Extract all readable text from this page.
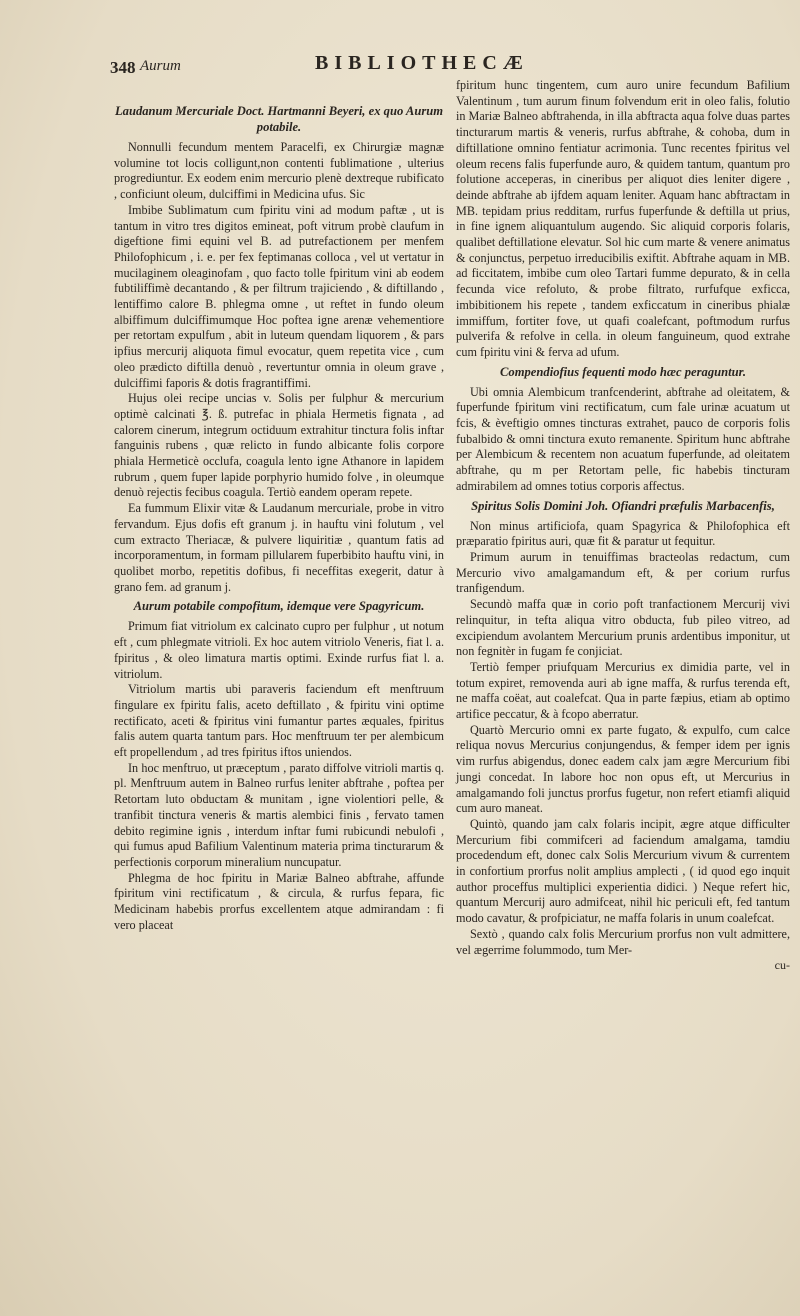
348 Aurum	BIBLIOTHECÆ
Laudanum Mercuriale Doct. Hartmanni Beyeri, ex quo Aurum potabile.

Nonnulli fecundum mentem Paracelfi, ex Chirurgiæ magnæ volumine tot locis colligunt,non contenti fublimatione , ulterius progrediuntur. Ex eodem enim mercurio plenè dextreque rubificato , conficiunt oleum, dulciffimi in Medicina ufus. Sic

Imbibe Sublimatum cum fpiritu vini ad modum paftæ , ut is tantum in vitro tres digitos emineat, poft vitrum probè claufum in digeftione fimi equini vel B. ad putrefactionem per menfem Philofophicum , i. e. per fex feptimanas colloca , vel ut vertatur in mucilaginem oleaginofam , quo facto tolle fpiritum vini ab eodem fubtiliffimè decantando , & per filtrum trajiciendo , & diftillando , lentiffimo calore B. phlegma omne , ut reftet in fundo oleum albiffimum dulciffimumque Hoc poftea igne arenæ vehementiore per retortam expulfum , abit in luteum quendam liquorem , & pars ipfius mercurij aliquota fimul evocatur, quem repetita vice , cum oleo prædicto diftilla denuò , revertuntur omnia in oleum grave , dulciffimi faporis & dotis fragrantiffimi.

Hujus olei recipe uncias v. Solis per fulphur & mercurium optimè calcinati ℥. ß. putrefac in phiala Hermetis fignata , ad calorem cinerum, integrum octiduum extrahitur tinctura folis inftar fanguinis rubens , quæ relicto in fundo albicante folis corpore phiala Hermeticè occlufa, coagula lento igne Athanore in lapidem rubrum , quem fuper lapide porphyrio humido folve , in oleumque denuò rejectis fecibus coagula. Tertiò eandem operam repete.

Ea fummum Elixir vitæ & Laudanum mercuriale, probe in vitro fervandum. Ejus dofis eft granum j. in hauftu vini folutum , vel cum extracto Theriacæ, & pulvere liquiritiæ , quantum fatis ad incorporamentum, in formam pillularem fuperbibito hauftu vini, in quolibet morbo, repetitis dofibus, fi neceffitas exegerit, datur à grano fem. ad granum j.

Aurum potabile compofitum, idemque vere Spagyricum.

Primum fiat vitriolum ex calcinato cupro per fulphur , ut notum eft , cum phlegmate vitrioli. Ex hoc autem vitriolo Veneris, fiat l. a. fpiritus , & oleo limatura martis optimi. Exinde rurfus fiat l. a. vitriolum.

Vitriolum martis ubi paraveris faciendum eft menftruum fingulare ex fpiritu falis, aceto deftillato , & fpiritu vini optime rectificato, aceti & fpiritus vini fumantur partes æquales, fpiritus falis autem quarta tantum pars. Hoc menftruum ter per alembicum eft propellendum , ad tres fpiritus iftos uniendos.

In hoc menftruo, ut præceptum , parato diffolve vitrioli martis q. pl. Menftruum autem in Balneo rurfus leniter abftrahe , poftea per Retortam luto obductam & munitam , igne violentiori pelle, & tranfibit tinctura veneris & martis alembici finis , fervato tamen debito regimine ignis , interdum inftar fumi rubicundi nebulofi , qui fumus apud Bafilium Valentinum materia prima tincturarum & perfectionis corporum mineralium nuncupatur.

Phlegma de hoc fpiritu in Mariæ Balneo abftrahe, affunde fpiritum vini rectificatum , & circula, & rurfus fepara, fic Medicinam habebis prorfus excellentem atque admirandam : fi vero placeat

fpiritum hunc tingentem, cum auro unire fecundum Bafilium Valentinum , tum aurum finum folvendum erit in oleo falis, folutio in Mariæ Balneo abftrahenda, in illa abftracta aqua folve duas partes tincturarum martis & veneris, rurfus abftrahe, & cohoba, dum in diftillatione omnino fentiatur acrimonia. Tunc recentes fpiritus vel oleum recens falis fuperfunde auro, & quidem tantum, quantum pro folutione acceperas, in cineribus per aliquot dies leniter digere , deinde abftrahe ab ijfdem aquam leniter. Aquam hanc abftractam in MB. tepidam prius redditam, rurfus fuperfunde & deftilla ut prius, in fine ignem aliquantulum augendo. Sic aliquid corporis folaris, qualibet deftillatione elevatur. Sol hic cum marte & venere animatus & conjunctus, perpetuo irreducibilis exiftit. Abftrahe aquam in MB. ad ficcitatem, imbibe cum oleo Tartari fumme depurato, & in cella fecunda vice refoluto, & probe filtrato, rurfufque exficca, imbibitionem his repete , tandem exficcatum in cineribus phialæ immiffum, fortiter fove, ut quafi coalefcant, poftmodum rurfus pulverifa & refolve in cella. in oleum fanguineum, quod extrahe cum fpiritu vini & ferva ad ufum.

Compendiofius fequenti modo hæc peraguntur.

Ubi omnia Alembicum tranfcenderint, abftrahe ad oleitatem, & fuperfunde fpiritum vini rectificatum, cum fale urinæ acuatum ut fcis, & èveftigio omnes tincturas extrahet, pauco de corporis folis fubalbido & omni tinctura exuto remanente. Spiritum hunc abftrahe per Alembicum & recentem non acuatum fuperfunde, ad oleitatem abftrahe, qu m per Retortam pelle, fic habebis tincturam admirabilem ad omnes totius corporis affectus.

Spiritus Solis Domini Joh. Ofiandri præfulis Marbacenfis,

Non minus artificiofa, quam Spagyrica & Philofophica eft præparatio fpiritus auri, quæ fit & paratur ut fequitur.

Primum aurum in tenuiffimas bracteolas redactum, cum Mercurio vivo amalgamandum eft, & per corium rurfus tranfigendum.

Secundò maffa quæ in corio poft tranfactionem Mercurij vivi relinquitur, in tefta aliqua vitro obducta, fub pileo vitreo, ad excipiendum avolantem Mercurium prunis ardentibus imponitur, ut non fegnitèr in fugam fe conjiciat.

Tertiò femper priufquam Mercurius ex dimidia parte, vel in totum expiret, removenda auri ab igne maffa, & rurfus terenda eft, ne maffa coëat, aut coalefcat. Qua in parte fæpius, etiam ab optimo artifice peccatur, & à fcopo aberratur.

Quartò Mercurio omni ex parte fugato, & expulfo, cum calce reliqua novus Mercurius conjungendus, & femper idem per ignis vim rurfus abigendus, donec eadem calx jam ægre Mercurium fibi jungi concedat. In labore hoc non opus eft, ut Mercurius in amalgamando foli junctus prorfus fugetur, non refert etiamfi aliquid cum auro maneat.

Quintò, quando jam calx folaris incipit, ægre atque difficulter Mercurium fibi commifceri ad faciendum amalgama, tamdiu procedendum eft, donec calx Solis Mercurium vivum & currentem in confortium prorfus nolit amplius amplecti , ( id quod ego inquit author proceffus multiplici experientia didici. ) Neque refert hic, quantum Mercurij auro admifceat, nihil hic periculi eft, fed tantum modo cavatur, & profpiciatur, ne maffa folaris in unum coalefcat.

Sextò , quando calx folis Mercurium prorfus non vult admittere, vel ægerrime folummodo, tum Mer-

cu-
